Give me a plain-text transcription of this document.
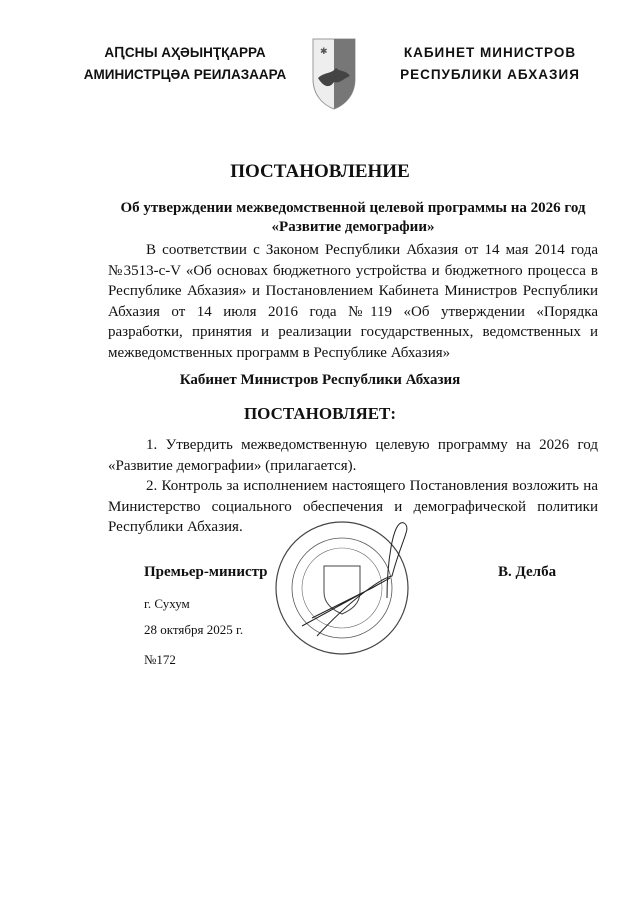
АԤСНЫ АҲӘЫНҬҚАРРА
АМИНИСТРЦӘА РЕИЛАЗААРА
✱	КАБИНЕТ МИНИСТРОВ
РЕСПУБЛИКИ АБХАЗИЯ
ПОСТАНОВЛЕНИЕ
Об утверждении межведомственной целевой программы на 2026 год
«Развитие демографии»
В соответствии с Законом Республики Абхазия от 14 мая 2014 года №3513-с-V «Об основах бюджетного устройства и бюджетного процесса в Республике Абхазия» и Постановлением Кабинета Министров Республики Абхазия от 14 июля 2016 года №119 «Об утверждении «Порядка разработки, принятия и реализации государственных, ведомственных и межведомственных программ в Республике Абхазия»
Кабинет Министров Республики Абхазия
ПОСТАНОВЛЯЕТ:
1. Утвердить межведомственную целевую программу на 2026 год «Развитие демографии» (прилагается).
2. Контроль за исполнением настоящего Постановления возложить на Министерство социального обеспечения и демографической политики Республики Абхазия.
Премьер-министр	В. Делба
г. Сухум
28 октября 2025 г.
№172
